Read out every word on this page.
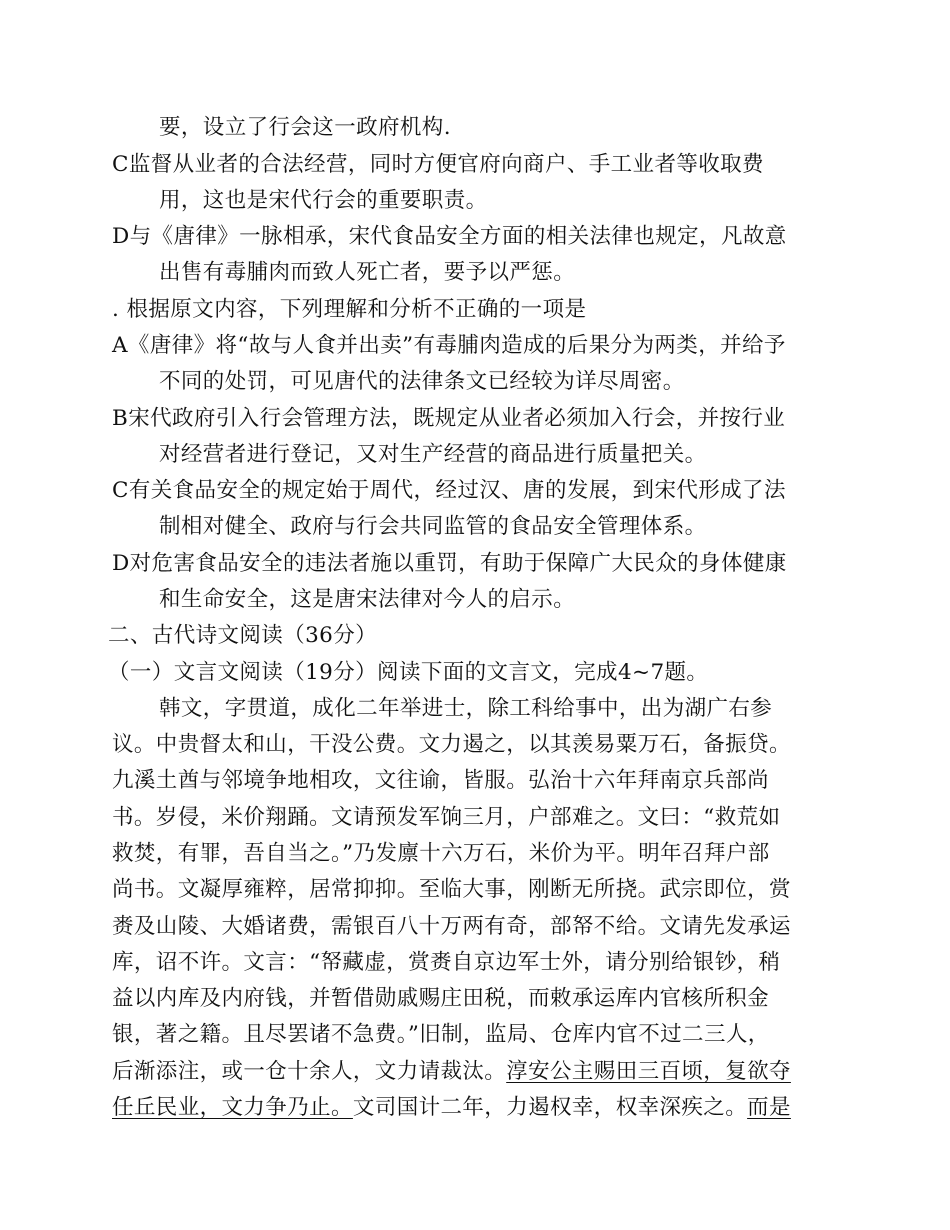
要，设立了行会这一政府机构.
C监督从业者的合法经营，同时方便官府向商户、手工业者等收取费
用，这也是宋代行会的重要职责。
D与《唐律》一脉相承，宋代食品安全方面的相关法律也规定，凡故意
出售有毒脯肉而致人死亡者，要予以严惩。
. 根据原文内容，下列理解和分析不正确的一项是
A《唐律》将“故与人食并出卖”有毒脯肉造成的后果分为两类，并给予
不同的处罚，可见唐代的法律条文已经较为详尽周密。
B宋代政府引入行会管理方法，既规定从业者必须加入行会，并按行业
对经营者进行登记，又对生产经营的商品进行质量把关。
C有关食品安全的规定始于周代，经过汉、唐的发展，到宋代形成了法
制相对健全、政府与行会共同监管的食品安全管理体系。
D对危害食品安全的违法者施以重罚，有助于保障广大民众的身体健康
和生命安全，这是唐宋法律对今人的启示。
二、古代诗文阅读（36分）
（一）文言文阅读（19分）阅读下面的文言文，完成4~7题。
韩文，字贯道，成化二年举进士，除工科给事中，出为湖广右参
议。中贵督太和山，干没公费。文力遏之，以其羡易粟万石，备振贷。
九溪土酋与邻境争地相攻，文往谕，皆服。弘治十六年拜南京兵部尚
书。岁侵，米价翔踊。文请预发军饷三月，户部难之。文曰：“救荒如
救焚，有罪，吾自当之。”乃发廪十六万石，米价为平。明年召拜户部
尚书。文凝厚雍粹，居常抑抑。至临大事，刚断无所挠。武宗即位，赏
赉及山陵、大婚诸费，需银百八十万两有奇，部帑不给。文请先发承运
库，诏不许。文言：“帑藏虚，赏赉自京边军士外，请分别给银钞，稍
益以内库及内府钱，并暂借勋戚赐庄田税，而敕承运库内官核所积金
银，著之籍。且尽罢诸不急费。”旧制，监局、仓库内官不过二三人，
后渐添注，或一仓十余人，文力请裁汰。淳安公主赐田三百顷，复欲夺
任丘民业，文力争乃止。文司国计二年，力遏权幸，权幸深疾之。而是
